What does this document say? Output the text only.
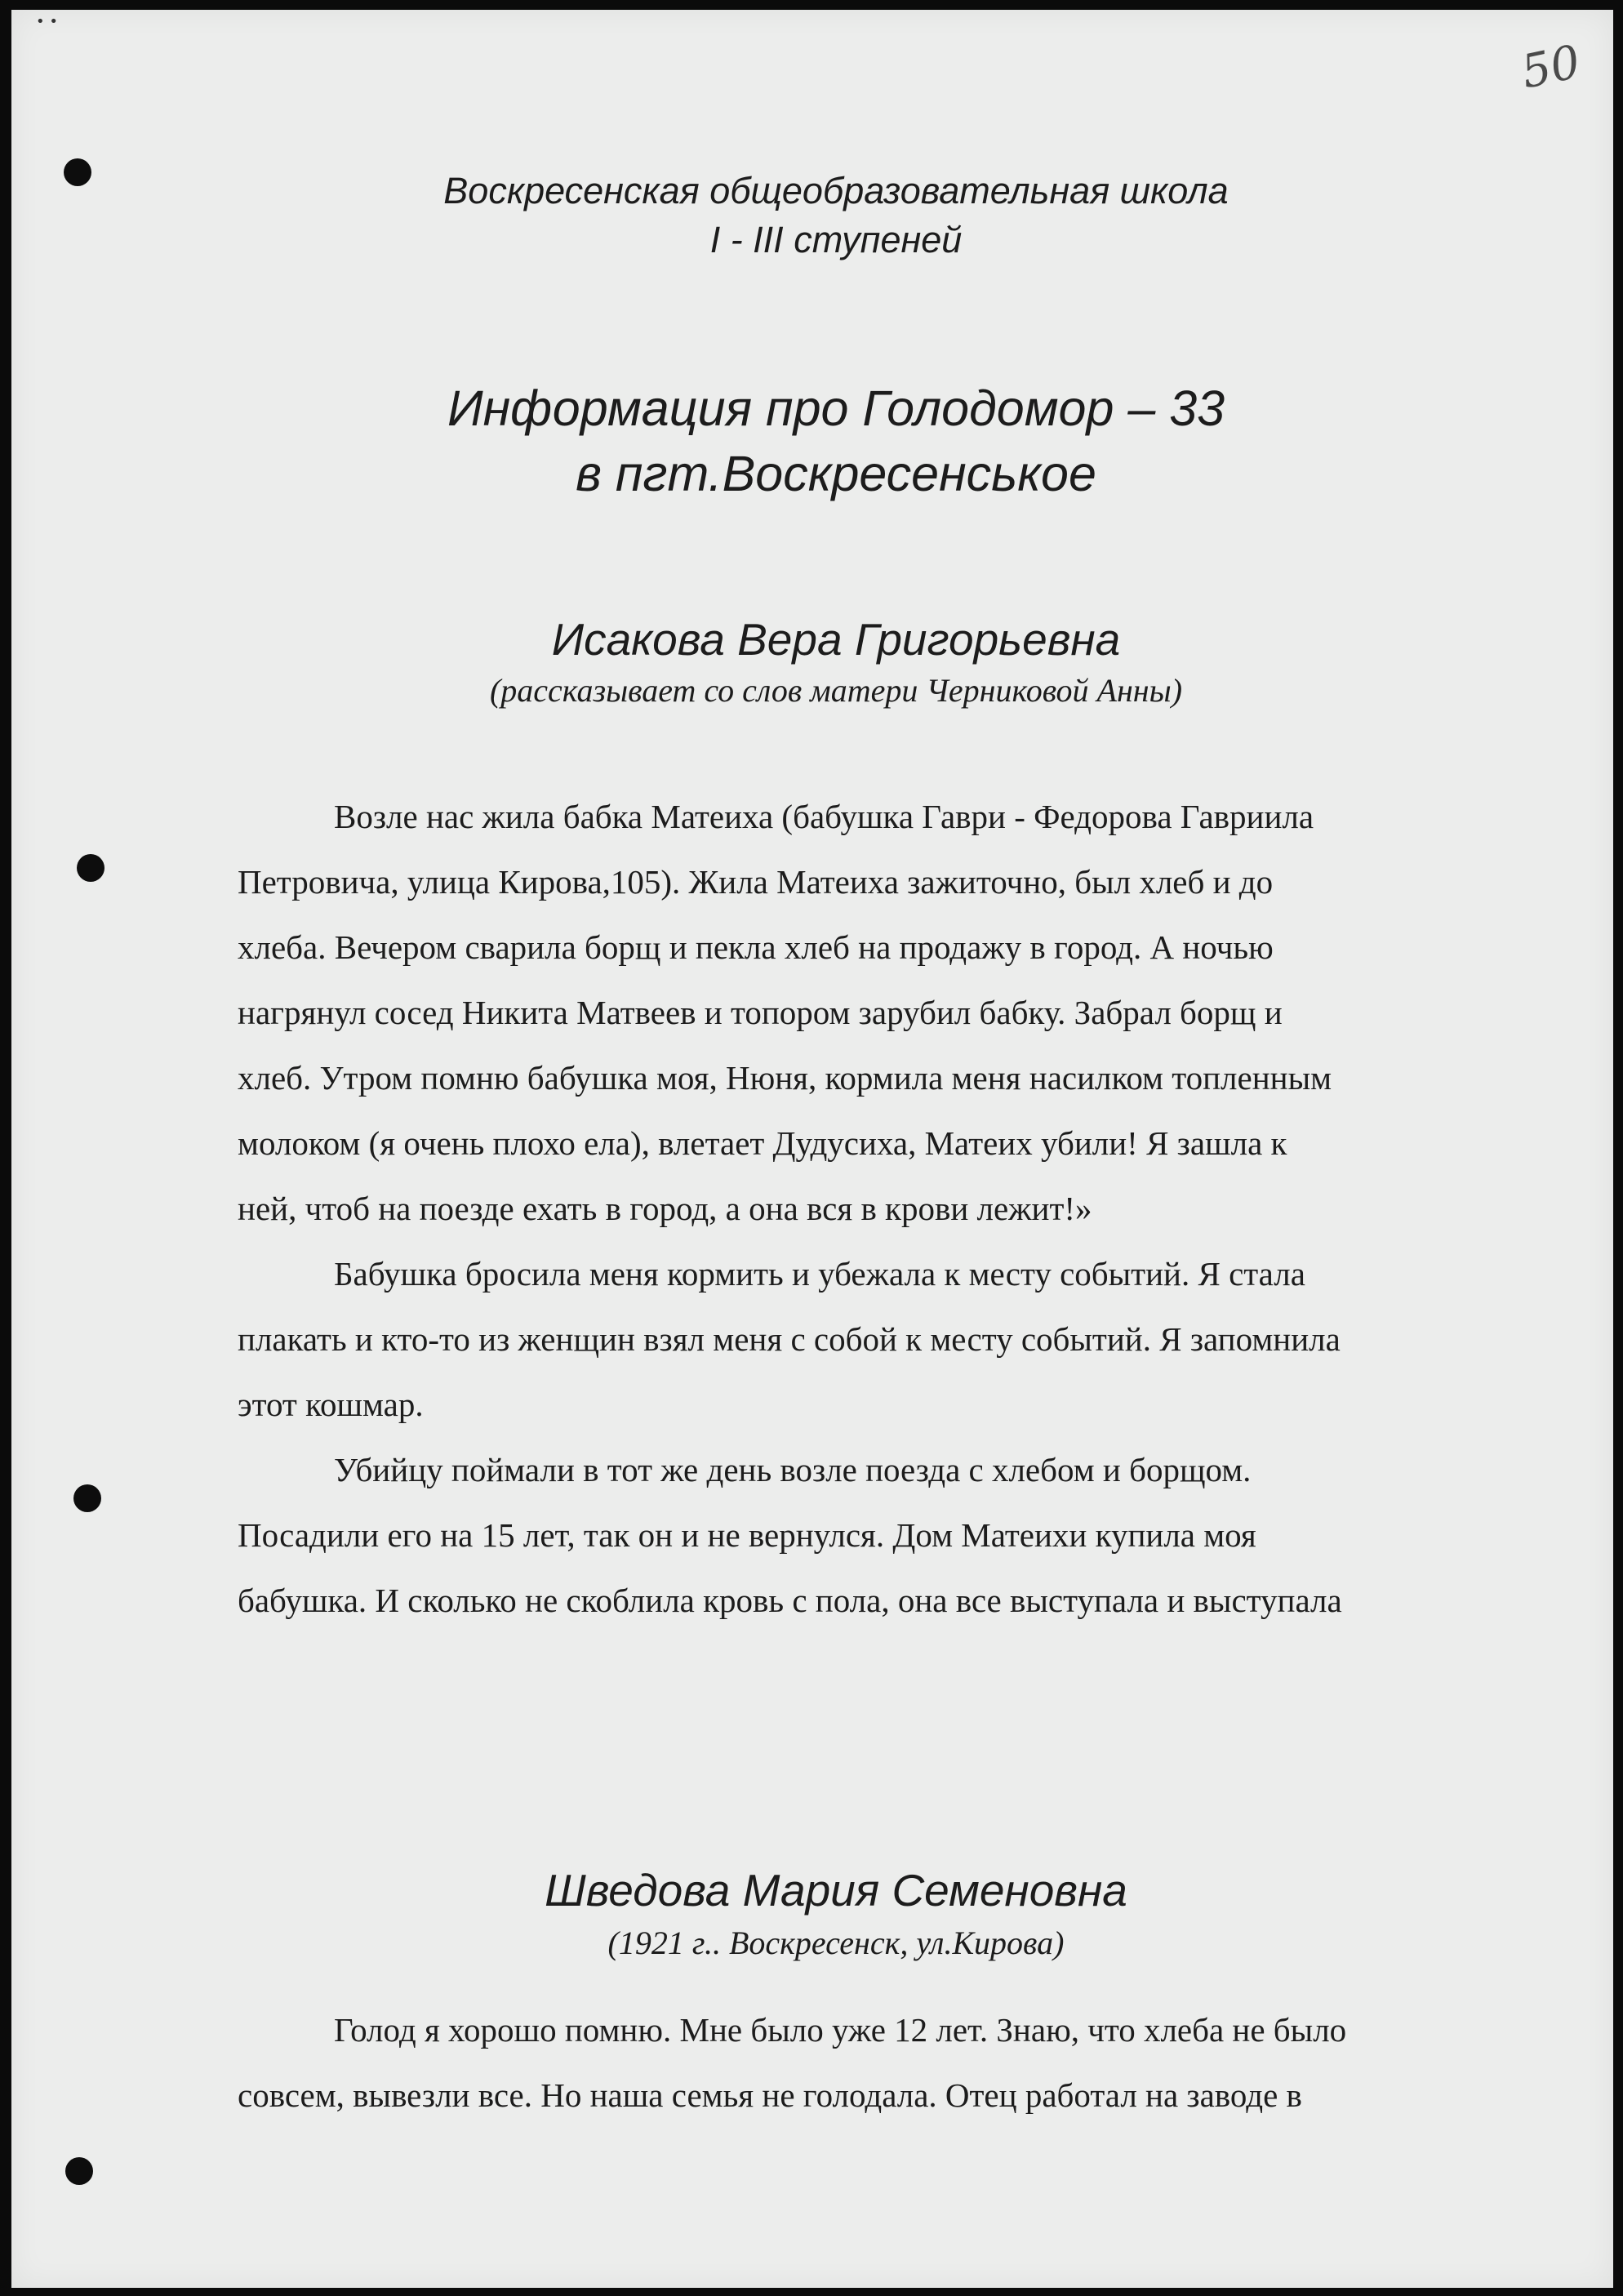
• •
50
Воскресенская общеобразовательная школа
I - III ступеней
Информация про Голодомор – 33
в пгт.Воскресенськое
Исакова Вера Григорьевна
(рассказывает со слов матери Черниковой Анны)

Возле нас жила бабка Матеиха (бабушка Гаври - Федорова Гавриила
Петровича, улица Кирова,105). Жила Матеиха зажиточно, был хлеб и до
хлеба. Вечером сварила борщ и пекла хлеб на продажу в город. А ночью
нагрянул сосед Никита Матвеев и топором зарубил бабку. Забрал борщ и
хлеб. Утром помню бабушка моя, Нюня, кормила меня насилком топленным
молоком (я очень плохо ела), влетает Дудусиха, Матеих убили! Я зашла к
ней, чтоб на поезде ехать в город, а она вся в крови лежит!»

Бабушка бросила меня кормить и убежала к месту событий. Я стала
плакать и кто-то из женщин взял меня с собой к месту событий. Я запомнила
этот кошмар.

Убийцу поймали в тот же день возле поезда с хлебом и борщом.
Посадили его на 15 лет, так он и не вернулся. Дом Матеихи купила моя
бабушка. И сколько не скоблила кровь с пола, она все выступала и выступала

Шведова Мария Семеновна
(1921 г.. Воскресенск, ул.Кирова)

Голод я хорошо помню. Мне было уже 12 лет. Знаю, что хлеба не было
совсем, вывезли все. Но наша семья не голодала. Отец работал на заводе в
